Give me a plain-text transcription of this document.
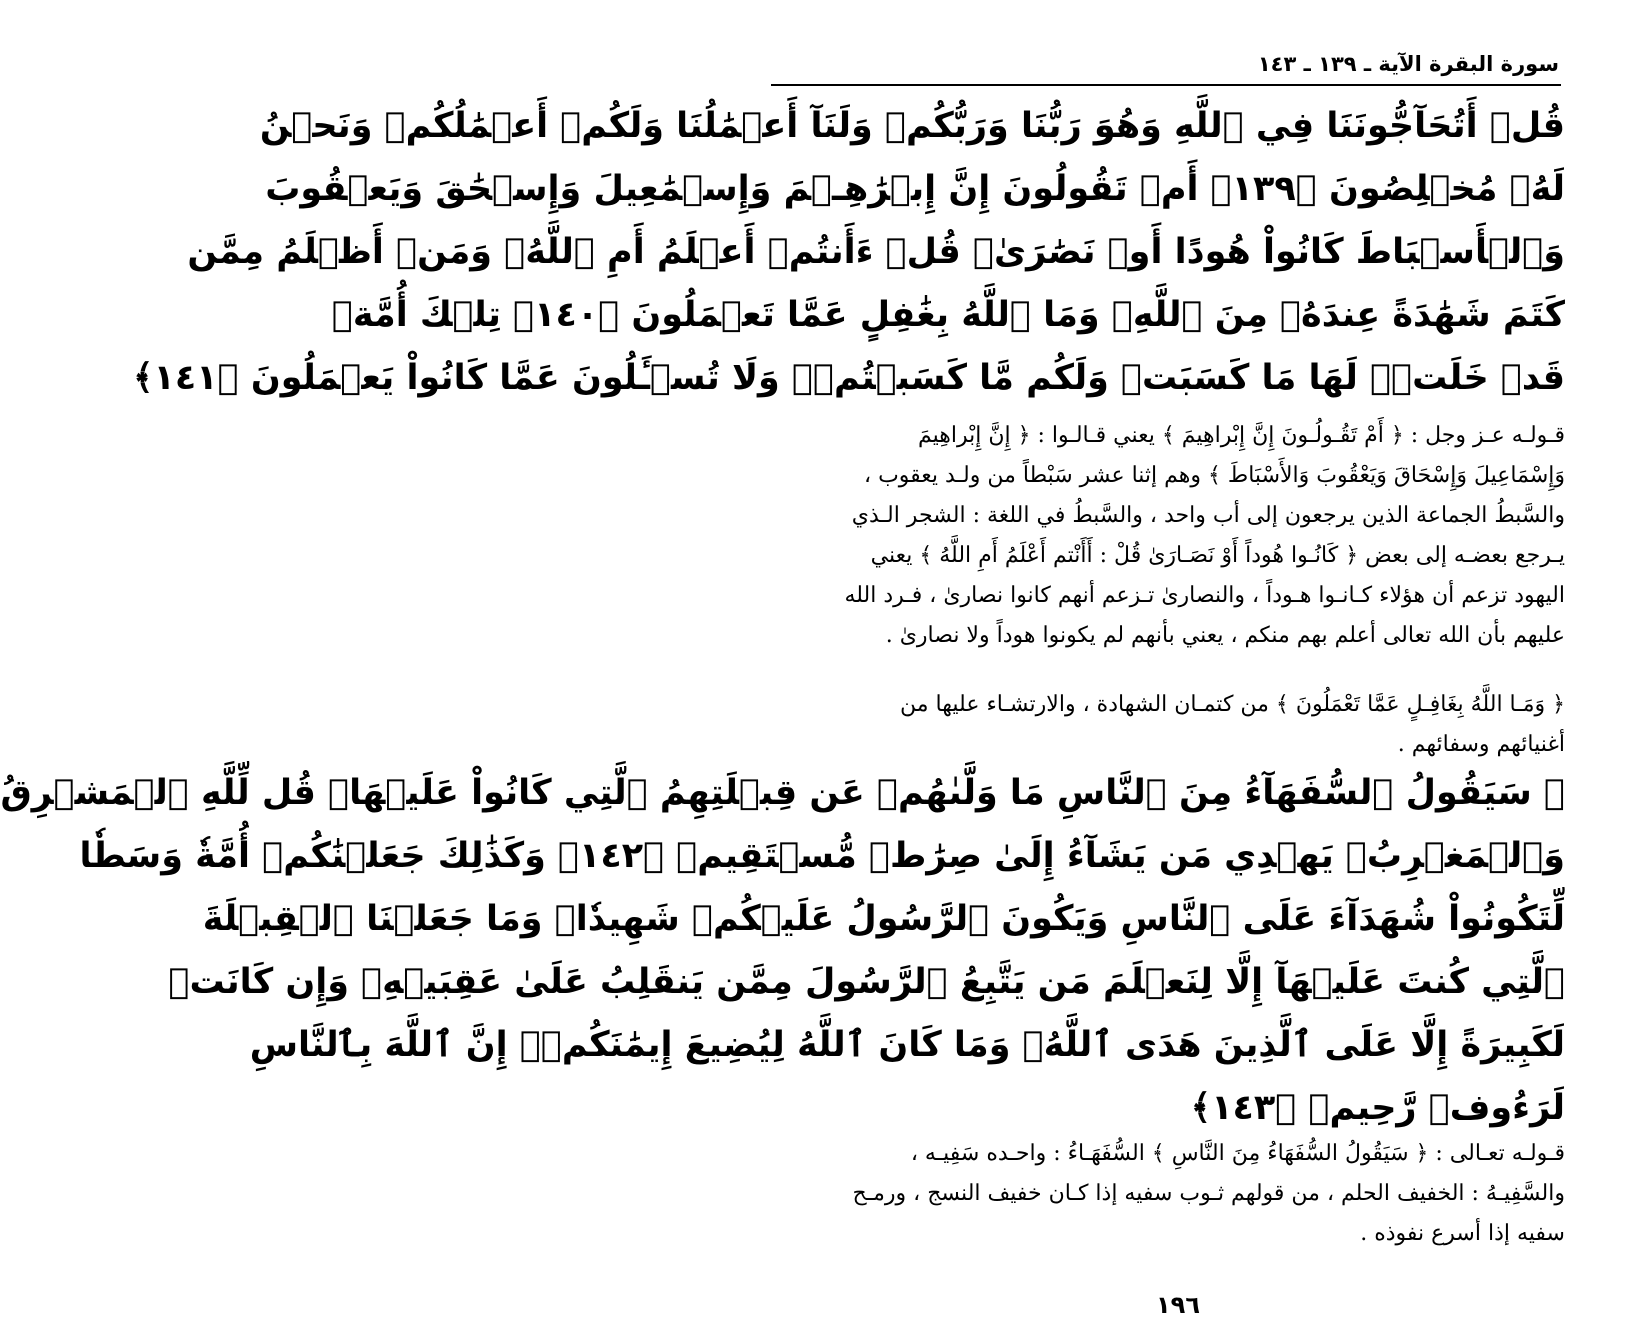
سورة البقرة الآية ـ ١٣٩ ـ ١٤٣
قُلۡ أَتُحَآجُّونَنَا فِي ٱللَّهِ وَهُوَ رَبُّنَا وَرَبُّكُمۡ وَلَنَآ أَعۡمَٰلُنَا وَلَكُمۡ أَعۡمَٰلُكُمۡ وَنَحۡنُ
لَهُۥ مُخۡلِصُونَ ﴿١٣٩﴾ أَمۡ تَقُولُونَ إِنَّ إِبۡرَٰهِـۧمَ وَإِسۡمَٰعِيلَ وَإِسۡحَٰقَ وَيَعۡقُوبَ
وَٱلۡأَسۡبَاطَ كَانُواْ هُودًا أَوۡ نَصَٰرَىٰۗ قُلۡ ءَأَنتُمۡ أَعۡلَمُ أَمِ ٱللَّهُۗ وَمَنۡ أَظۡلَمُ مِمَّن
كَتَمَ شَهَٰدَةً عِندَهُۥ مِنَ ٱللَّهِۗ وَمَا ٱللَّهُ بِغَٰفِلٍ عَمَّا تَعۡمَلُونَ ﴿١٤٠﴾ تِلۡكَ أُمَّةٞ
قَدۡ خَلَتۡۖ لَهَا مَا كَسَبَتۡ وَلَكُم مَّا كَسَبۡتُمۡۖ وَلَا تُسۡـَٔلُونَ عَمَّا كَانُواْ يَعۡمَلُونَ ﴿١٤١﴾
قـولـه عـز وجل : ﴿ أَمْ تَقُـولُـونَ إِنَّ إِبْراهِيمَ ﴾ يعني قـالـوا : ﴿ إِنَّ إِبْراهِيمَ
وَإِسْمَاعِيلَ وَإِسْحَاقَ وَيَعْقُوبَ وَالأَسْبَاطَ ﴾ وهم إثنا عشر سَبْطاً من ولـد يعقوب ،
والسَّبطُ الجماعة الذين يرجعون إلى أب واحد ، والسَّبطُ في اللغة : الشجر الـذي
يـرجع بعضـه إلى بعض ﴿ كَانُـوا هُوداً أَوْ نَصَـارَىٰ قُلْ : أَأَنْتم أَعْلَمُ أَمِ اللَّهُ ﴾ يعني
اليهود تزعم أن هؤلاء كـانـوا هـوداً ، والنصارىٰ تـزعم أنهم كانوا نصارىٰ ، فـرد الله
عليهم بأن الله تعالى أعلم بهم منكم ، يعني بأنهم لم يكونوا هوداً ولا نصارىٰ .
﴿ وَمَـا اللَّهُ بِغَافِـلٍ عَمَّا تَعْمَلُونَ ﴾ من كتمـان الشهادة ، والارتشـاء عليها من
أغنيائهم وسفائهم .
۞ سَيَقُولُ ٱلسُّفَهَآءُ مِنَ ٱلنَّاسِ مَا وَلَّىٰهُمۡ عَن قِبۡلَتِهِمُ ٱلَّتِي كَانُواْ عَلَيۡهَاۚ قُل لِّلَّهِ ٱلۡمَشۡرِقُ
وَٱلۡمَغۡرِبُۚ يَهۡدِي مَن يَشَآءُ إِلَىٰ صِرَٰطٖ مُّسۡتَقِيمٖ ﴿١٤٢﴾ وَكَذَٰلِكَ جَعَلۡنَٰكُمۡ أُمَّةٗ وَسَطٗا
لِّتَكُونُواْ شُهَدَآءَ عَلَى ٱلنَّاسِ وَيَكُونَ ٱلرَّسُولُ عَلَيۡكُمۡ شَهِيدٗاۗ وَمَا جَعَلۡنَا ٱلۡقِبۡلَةَ
ٱلَّتِي كُنتَ عَلَيۡهَآ إِلَّا لِنَعۡلَمَ مَن يَتَّبِعُ ٱلرَّسُولَ مِمَّن يَنقَلِبُ عَلَىٰ عَقِبَيۡهِۚ وَإِن كَانَتۡ
لَكَبِيرَةً إِلَّا عَلَى ٱلَّذِينَ هَدَى ٱللَّهُۗ وَمَا كَانَ ٱللَّهُ لِيُضِيعَ إِيمَٰنَكُمۡۚ إِنَّ ٱللَّهَ بِٱلنَّاسِ
لَرَءُوفٞ رَّحِيمٞ ﴿١٤٣﴾
قـولـه تعـالى : ﴿ سَيَقُولُ السُّفَهَاءُ مِنَ النَّاسِ ﴾ السُّفَهَـاءُ : واحـده سَفِيـه ،
والسَّفِيـهُ : الخفيف الحلم ، من قولهم ثـوب سفيه إذا كـان خفيف النسج ، ورمـح
سفيه إذا أسرع نفوذه .
١٩٦
